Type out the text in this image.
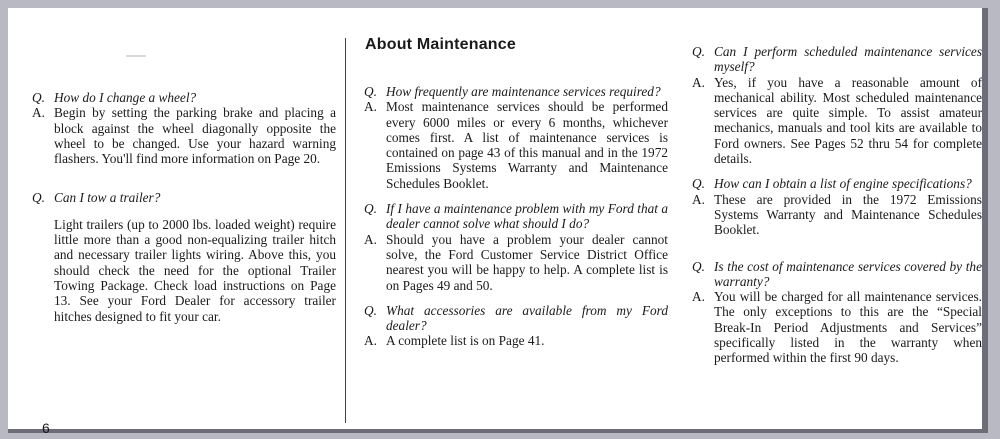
About Maintenance
Q. How do I change a wheel?
A. Begin by setting the parking brake and placing a block against the wheel diagonally opposite the wheel to be changed. Use your hazard warning flashers. You'll find more information on Page 20.
Q. Can I tow a trailer?
Light trailers (up to 2000 lbs. loaded weight) require little more than a good non-equalizing trailer hitch and necessary trailer lights wiring. Above this, you should check the need for the optional Trailer Towing Package. Check load instructions on Page 13. See your Ford Dealer for accessory trailer hitches designed to fit your car.
Q. How frequently are maintenance services required?
A. Most maintenance services should be performed every 6000 miles or every 6 months, whichever comes first. A list of maintenance services is contained on page 43 of this manual and in the 1972 Emissions Systems Warranty and Maintenance Schedules Booklet.
Q. If I have a maintenance problem with my Ford that a dealer cannot solve what should I do?
A. Should you have a problem your dealer cannot solve, the Ford Customer Service District Office nearest you will be happy to help. A complete list is on Pages 49 and 50.
Q. What accessories are available from my Ford dealer?
A. A complete list is on Page 41.
Q. Can I perform scheduled maintenance services myself?
A. Yes, if you have a reasonable amount of mechanical ability. Most scheduled maintenance services are quite simple. To assist amateur mechanics, manuals and tool kits are available to Ford owners. See Pages 52 thru 54 for complete details.
Q. How can I obtain a list of engine specifications?
A. These are provided in the 1972 Emissions Systems Warranty and Maintenance Schedules Booklet.
Q. Is the cost of maintenance services covered by the warranty?
A. You will be charged for all maintenance services. The only exceptions to this are the “Special Break-In Period Adjustments and Services” specifically listed in the warranty when performed within the first 90 days.
6
